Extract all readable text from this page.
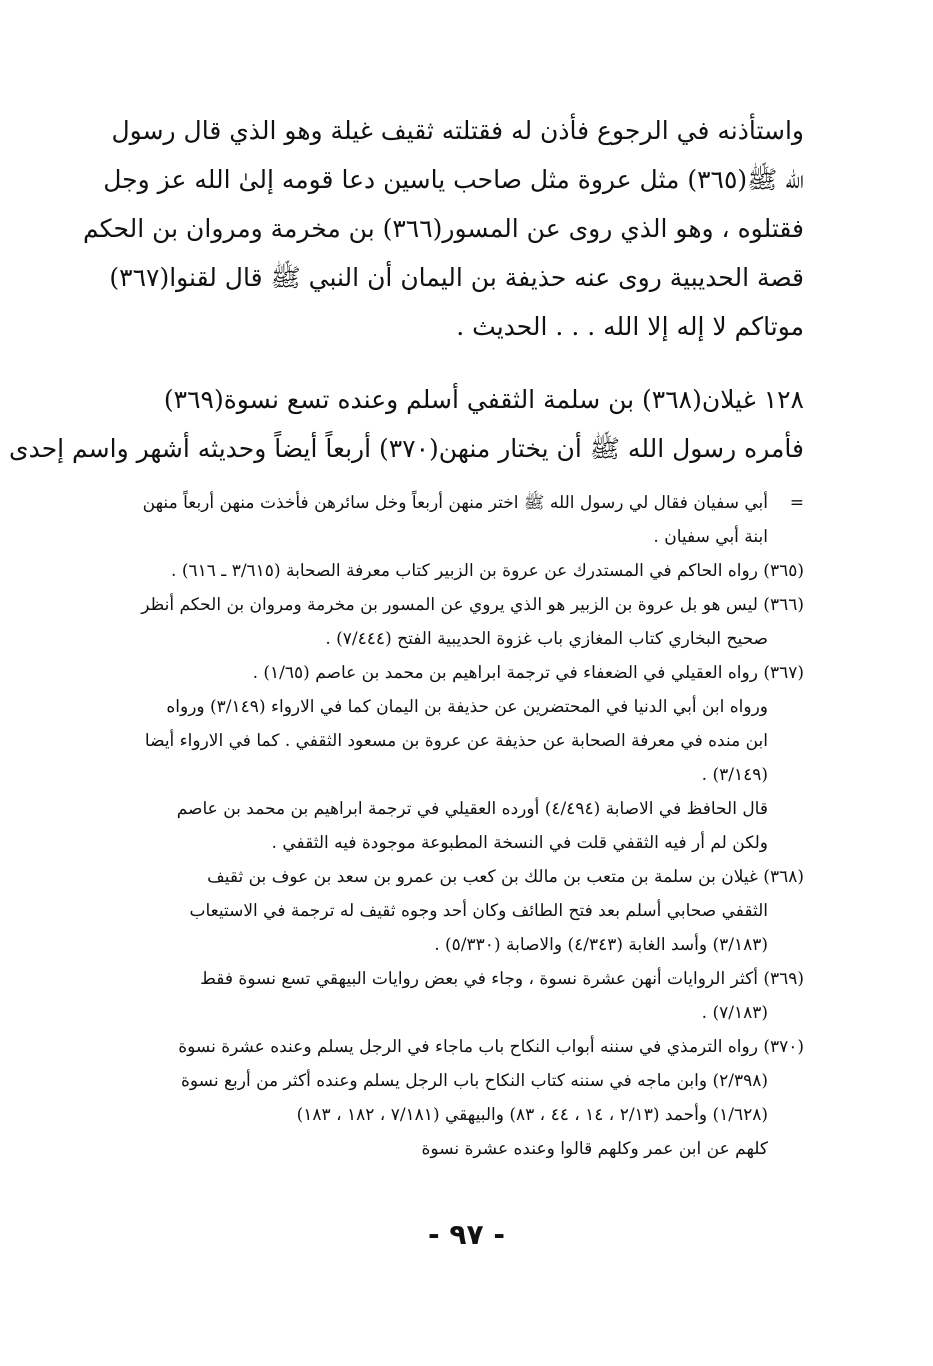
واستأذنه في الرجوع فأذن له فقتلته ثقيف غيلة وهو الذي قال رسول
الله ﷺ(٣٦٥) مثل عروة مثل صاحب ياسين دعا قومه إلىٰ الله عز وجل
فقتلوه ، وهو الذي روى عن المسور(٣٦٦) بن مخرمة ومروان بن الحكم
قصة الحديبية روى عنه حذيفة بن اليمان أن النبي ﷺ قال لقنوا(٣٦٧)
موتاكم لا إله إلا الله . . . الحديث .
١٢٨ غيلان(٣٦٨) بن سلمة الثقفي أسلم وعنده تسع نسوة(٣٦٩)
فأمره رسول الله ﷺ أن يختار منهن(٣٧٠) أربعاً أيضاً وحديثه أشهر واسم إحدى
=أبي سفيان فقال لي رسول الله ﷺ اختر منهن أربعاً وخل سائرهن فأخذت منهن أربعاً منهن
ابنة أبي سفيان .
(٣٦٥) رواه الحاكم في المستدرك عن عروة بن الزبير كتاب معرفة الصحابة (٣/٦١٥ ـ ٦١٦) .
(٣٦٦) ليس هو بل عروة بن الزبير هو الذي يروي عن المسور بن مخرمة ومروان بن الحكم أنظر
صحيح البخاري كتاب المغازي باب غزوة الحديبية الفتح (٧/٤٤٤) .
(٣٦٧) رواه العقيلي في الضعفاء في ترجمة ابراهيم بن محمد بن عاصم (١/٦٥) .
ورواه ابن أبي الدنيا في المحتضرين عن حذيفة بن اليمان كما في الارواء (٣/١٤٩) ورواه
ابن منده في معرفة الصحابة عن حذيفة عن عروة بن مسعود الثقفي . كما في الارواء أيضا
(٣/١٤٩) .
قال الحافظ في الاصابة (٤/٤٩٤) أورده العقيلي في ترجمة ابراهيم بن محمد بن عاصم
ولكن لم أر فيه الثقفي قلت في النسخة المطبوعة موجودة فيه الثقفي .
(٣٦٨) غيلان بن سلمة بن متعب بن مالك بن كعب بن عمرو بن سعد بن عوف بن ثقيف
الثقفي صحابي أسلم بعد فتح الطائف وكان أحد وجوه ثقيف له ترجمة في الاستيعاب
(٣/١٨٣) وأسد الغابة (٤/٣٤٣) والاصابة (٥/٣٣٠) .
(٣٦٩) أكثر الروايات أنهن عشرة نسوة ، وجاء في بعض روايات البيهقي تسع نسوة فقط
(٧/١٨٣) .
(٣٧٠) رواه الترمذي في سننه أبواب النكاح باب ماجاء في الرجل يسلم وعنده عشرة نسوة
(٢/٣٩٨) وابن ماجه في سننه كتاب النكاح باب الرجل يسلم وعنده أكثر من أربع نسوة
(١/٦٢٨) وأحمد (٢/١٣ ، ١٤ ، ٤٤ ، ٨٣) والبيهقي (٧/١٨١ ، ١٨٢ ، ١٨٣)
كلهم عن ابن عمر وكلهم قالوا وعنده عشرة نسوة
- ٩٧ -
